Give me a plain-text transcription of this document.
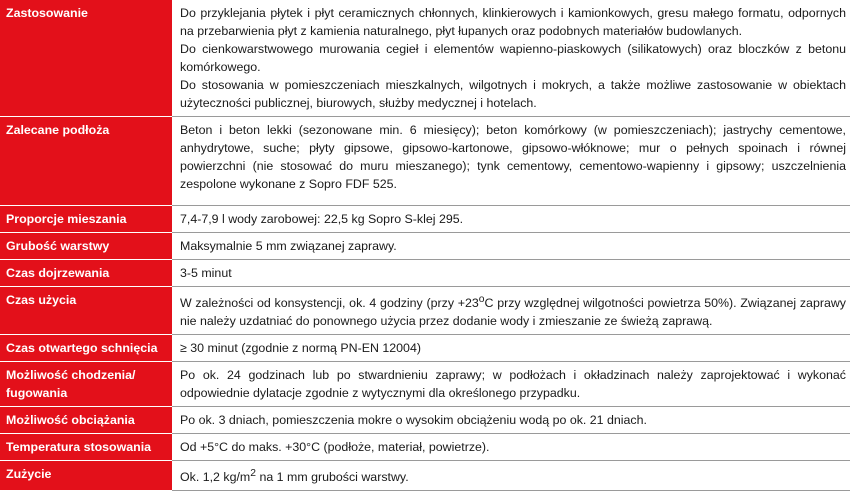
Zastosowanie	Do przyklejania płytek i płyt ceramicznych chłonnych, klinkierowych i kamionkowych, gresu małego formatu, odpornych na przebarwienia płyt z kamienia naturalnego, płyt łupanych oraz podobnych materiałów budowlanych.

Do cienkowarstwowego murowania cegieł i elementów wapienno-piaskowych (silikatowych) oraz bloczków z betonu komórkowego.

Do stosowania w pomieszczeniach mieszkalnych, wilgotnych i mokrych, a także możliwe zastosowanie w obiektach użyteczności publicznej, biurowych, służby medycznej i hotelach.

Zalecane podłoża	Beton i beton lekki (sezonowane min. 6 miesięcy); beton komórkowy (w pomieszczeniach); jastrychy cementowe, anhydrytowe, suche; płyty gipsowe, gipsowo-kartonowe, gipsowo-włóknowe; mur o pełnych spoinach i równej powierzchni (nie stosować do muru mieszanego); tynk cementowy, cementowo-wapienny i gipsowy; uszczelnienia zespolone wykonane z Sopro FDF 525.
Proporcje mieszania	7,4-7,9 l wody zarobowej: 22,5 kg Sopro S-klej 295.
Grubość warstwy	Maksymalnie 5 mm związanej zaprawy.
Czas dojrzewania	3-5 minut
Czas użycia	W zależności od konsystencji, ok. 4 godziny (przy $+23^oC$ przy względnej wilgotności powietrza 50%). Związanej zaprawy nie należy uzdatniać do ponownego użycia przez dodanie wody i zmieszanie ze świeżą zaprawą.
Czas otwartego schnięcia	≥ 30 minut (zgodnie z normą PN-EN 12004)
Możliwość chodzenia/ fugowania	Po ok. 24 godzinach lub po stwardnieniu zaprawy; w podłożach i okładzinach należy zaprojektować i wykonać odpowiednie dylatacje zgodnie z wytycznymi dla określonego przypadku.
Możliwość obciążania	Po ok. 3 dniach, pomieszczenia mokre o wysokim obciążeniu wodą po ok. 21 dniach.
Temperatura stosowania	Od +5°C do maks. +30°C (podłoże, materiał, powietrze).
Zużycie	Ok. 1,2 $kg/m^2$ na 1 mm grubości warstwy.
